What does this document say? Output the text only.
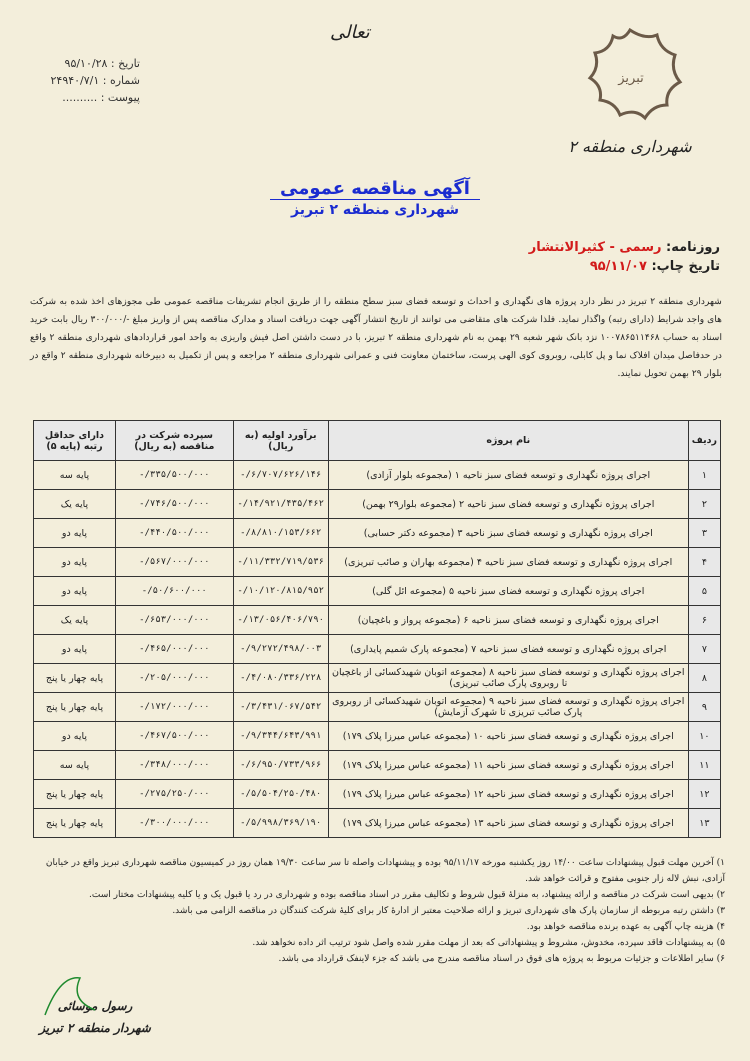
تعالی
تاریخ : ۹۵/۱۰/۲۸
شماره : ۲۴۹۴۰/۷/۱
پیوست : ..........
تبریز
شهرداری منطقه ۲
آگهی مناقصه عمومی
شهرداری منطقه ۲ تبریز
روزنامه: رسمی - کثیرالانتشار
تاریخ چاپ: ۹۵/۱۱/۰۷
شهرداری منطقه ۲ تبریز در نظر دارد پروژه های نگهداری و احداث و توسعه فضای سبز سطح منطقه را از طریق انجام تشریفات مناقصه عمومی طی مجوزهای اخذ شده به شرکت های واجد شرایط (دارای رتبه) واگذار نماید. فلذا شرکت های متقاضی می توانند از تاریخ انتشار آگهی جهت دریافت اسناد و مدارک مناقصه پس از واریز مبلغ -/۳۰۰/۰۰۰ ریال بابت خرید اسناد به حساب ۱۰۰۷۸۶۵۱۱۴۶۸ نزد بانک شهر شعبه ۲۹ بهمن به نام شهرداری منطقه ۲ تبریز، با در دست داشتن اصل فیش واریزی به واحد امور قراردادهای شهرداری منطقه ۲ واقع در حدفاصل میدان افلاک نما و پل کابلی، روبروی کوی الهی پرست، ساختمان معاونت فنی و عمرانی شهرداری منطقه ۲ مراجعه و پس از تکمیل به دبیرخانه شهرداری منطقه ۲ واقع در بلوار ۲۹ بهمن تحویل نمایند.
ردیف	نام پروژه	برآورد اولیه (به ریال)	سپرده شرکت در مناقصه (به ریال)	دارای حداقل رتبه (پایه ۵)
۱	اجرای پروژه نگهداری و توسعه فضای سبز ناحیه ۱ (مجموعه بلوار آزادی)	-/۶/۷۰۷/۶۲۶/۱۴۶	-/۳۳۵/۵۰۰/۰۰۰	پایه سه
۲	اجرای پروژه نگهداری و توسعه فضای سبز ناحیه ۲ (مجموعه بلوار۲۹ بهمن)	-/۱۴/۹۲۱/۴۳۵/۴۶۲	-/۷۴۶/۵۰۰/۰۰۰	پایه یک
۳	اجرای پروژه نگهداری و توسعه فضای سبز ناحیه ۳ (مجموعه دکتر حسابی)	-/۸/۸۱۰/۱۵۳/۶۶۲	-/۴۴۰/۵۰۰/۰۰۰	پایه دو
۴	اجرای پروژه نگهداری و توسعه فضای سبز ناحیه ۴ (مجموعه بهاران و صائب تبریزی)	-/۱۱/۳۳۲/۷۱۹/۵۳۶	-/۵۶۷/۰۰۰/۰۰۰	پایه دو
۵	اجرای پروژه نگهداری و توسعه فضای سبز ناحیه ۵ (مجموعه ائل گلی)	-/۱۰/۱۲۰/۸۱۵/۹۵۲	-/۵۰/۶۰۰/۰۰۰	پایه دو
۶	اجرای پروژه نگهداری و توسعه فضای سبز ناحیه ۶ (مجموعه پرواز و باغچیان)	-/۱۳/۰۵۶/۴۰۶/۷۹۰	-/۶۵۳/۰۰۰/۰۰۰	پایه یک
۷	اجرای پروژه نگهداری و توسعه فضای سبز ناحیه ۷ (مجموعه پارک شمیم پایداری)	-/۹/۲۷۲/۴۹۸/۰۰۳	-/۴۶۵/۰۰۰/۰۰۰	پایه دو
۸	اجرای پروژه نگهداری و توسعه فضای سبز ناحیه ۸ (مجموعه اتوبان شهیدکسائی از باغچیان تا روبروی پارک صائب تبریزی)	-/۴/۰۸۰/۳۳۶/۲۲۸	-/۲۰۵/۰۰۰/۰۰۰	پایه چهار یا پنج
۹	اجرای پروژه نگهداری و توسعه فضای سبز ناحیه ۹ (مجموعه اتوبان شهیدکسائی از روبروی پارک صائب تبریزی تا شهرک آزمایش)	-/۳/۴۳۱/۰۶۷/۵۴۲	-/۱۷۲/۰۰۰/۰۰۰	پایه چهار یا پنج
۱۰	اجرای پروژه نگهداری و توسعه فضای سبز ناحیه ۱۰ (مجموعه عباس میرزا پلاک ۱۷۹)	-/۹/۳۴۴/۶۴۳/۹۹۱	-/۴۶۷/۵۰۰/۰۰۰	پایه دو
۱۱	اجرای پروژه نگهداری و توسعه فضای سبز ناحیه ۱۱ (مجموعه عباس میرزا پلاک ۱۷۹)	-/۶/۹۵۰/۷۳۳/۹۶۶	-/۳۴۸/۰۰۰/۰۰۰	پایه سه
۱۲	اجرای پروژه نگهداری و توسعه فضای سبز ناحیه ۱۲ (مجموعه عباس میرزا پلاک ۱۷۹)	-/۵/۵۰۴/۲۵۰/۴۸۰	-/۲۷۵/۲۵۰/۰۰۰	پایه چهار یا پنج
۱۳	اجرای پروژه نگهداری و توسعه فضای سبز ناحیه ۱۳ (مجموعه عباس میرزا پلاک ۱۷۹)	-/۵/۹۹۸/۳۶۹/۱۹۰	-/۳۰۰/۰۰۰/۰۰۰	پایه چهار یا پنج
۱) آخرین مهلت قبول پیشنهادات ساعت ۱۴/۰۰ روز یکشنبه مورخه ۹۵/۱۱/۱۷ بوده و پیشنهادات واصله تا سر ساعت ۱۹/۳۰ همان روز در کمیسیون مناقصه شهرداری تبریز واقع در خیابان آزادی، نبش لاله زار جنوبی مفتوح و قرائت خواهد شد.
۲) بدیهی است شرکت در مناقصه و ارائه پیشنهاد، به منزلهٔ قبول شروط و تکالیف مقرر در اسناد مناقصه بوده و شهرداری در رد یا قبول یک و یا کلیه پیشنهادات مختار است.
۳) داشتن رتبه مربوطه از سازمان پارک های شهرداری تبریز و ارائه صلاحیت معتبر از ادارهٔ کار برای کلیهٔ شرکت کنندگان در مناقصه الزامی می باشد.
۴) هزینه چاپ آگهی به عهده برنده مناقصه خواهد بود.
۵) به پیشنهادات فاقد سپرده، مخدوش، مشروط و پیشنهاداتی که بعد از مهلت مقرر شده واصل شود ترتیب اثر داده نخواهد شد.
۶) سایر اطلاعات و جزئیات مربوط به پروژه های فوق در اسناد مناقصه مندرج می باشد که جزء لاینفک قرارداد می باشد.
رسول موسائی
شهردار منطقه ۲ تبریز
